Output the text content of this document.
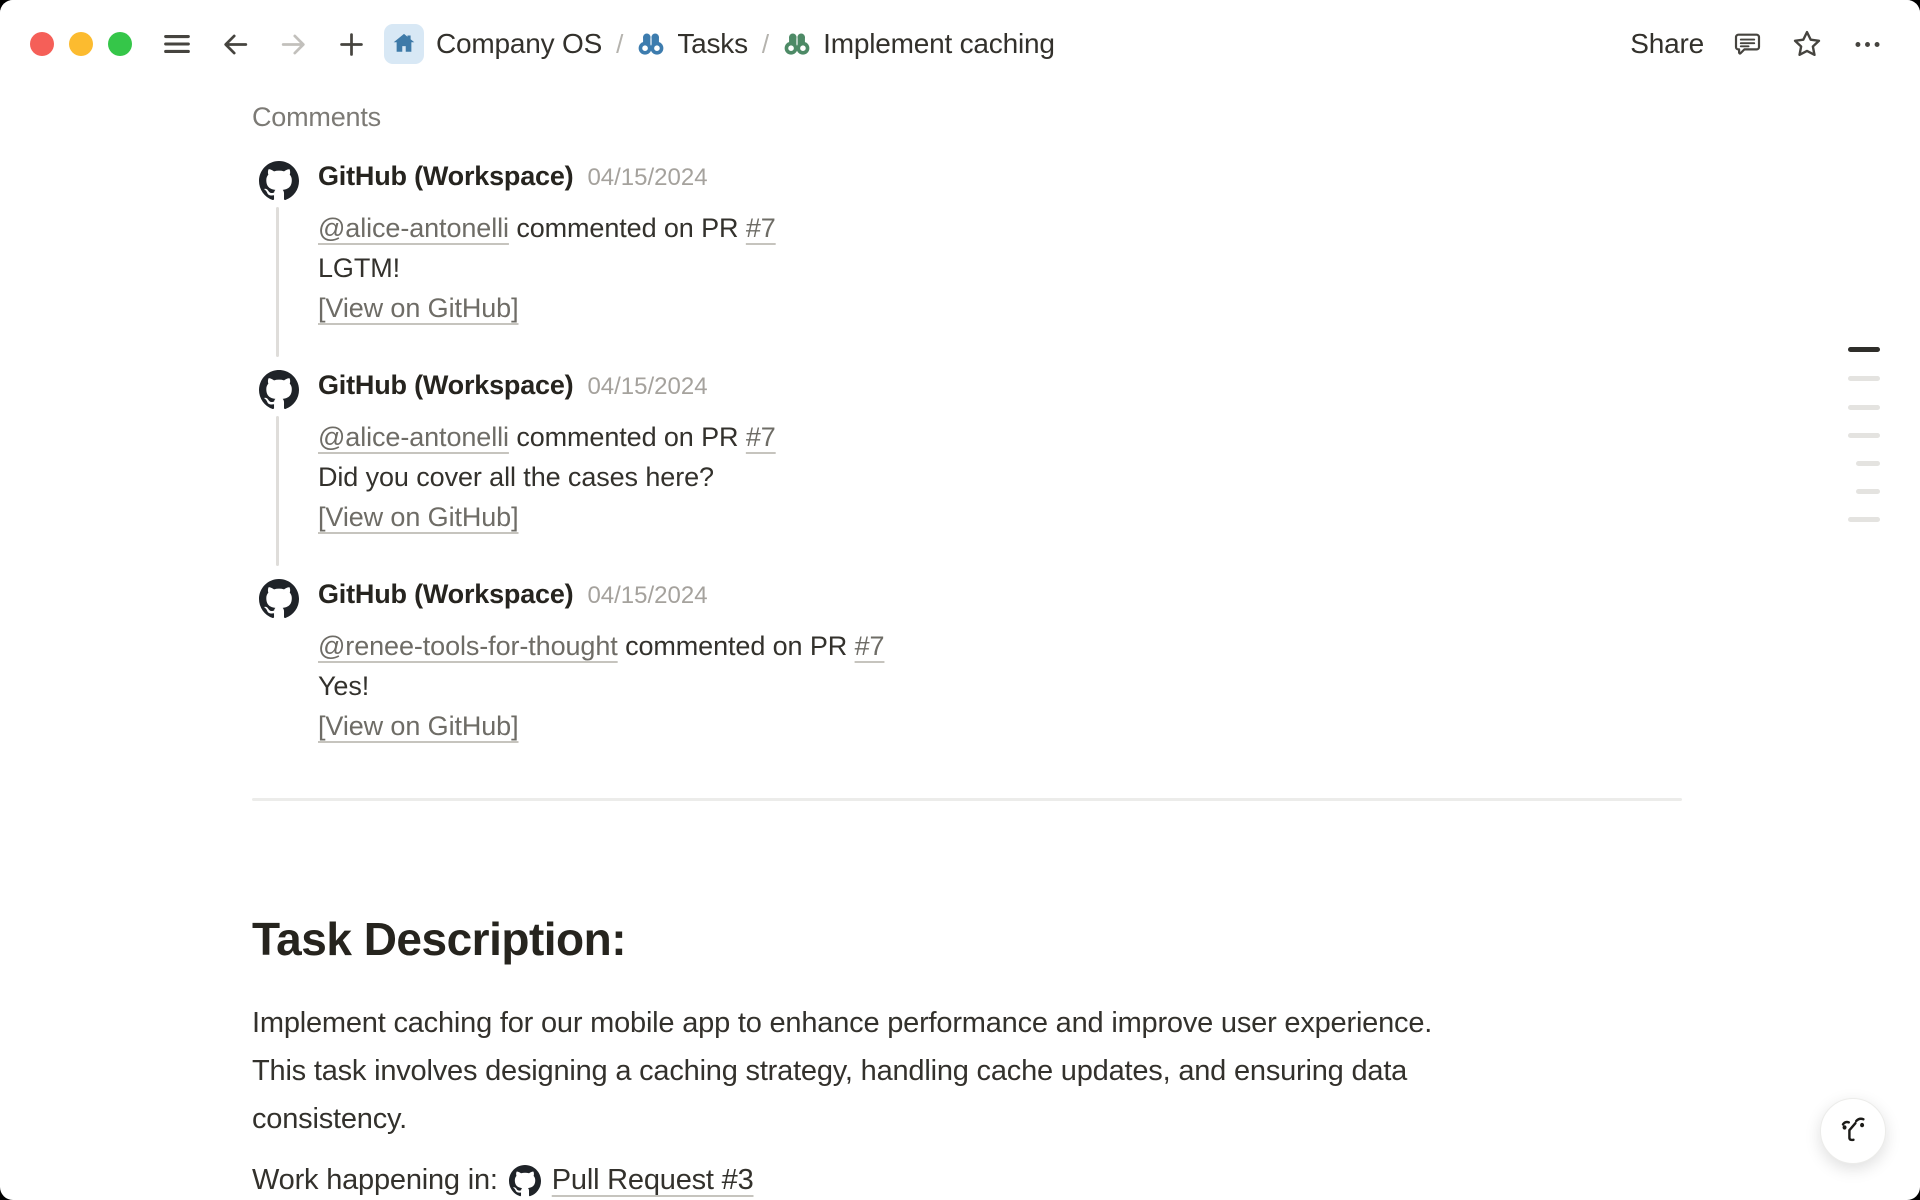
Company OS / Tasks / Implement caching	Share
Comments
GitHub (Workspace) 04/15/2024
@alice-antonelli commented on PR #7
LGTM!
[View on GitHub]
GitHub (Workspace) 04/15/2024
@alice-antonelli commented on PR #7
Did you cover all the cases here?
[View on GitHub]
GitHub (Workspace) 04/15/2024
@renee-tools-for-thought commented on PR #7
Yes!
[View on GitHub]
Task Description:
Implement caching for our mobile app to enhance performance and improve user experience.
This task involves designing a caching strategy, handling cache updates, and ensuring data
consistency.
Work happening in: Pull Request #3
